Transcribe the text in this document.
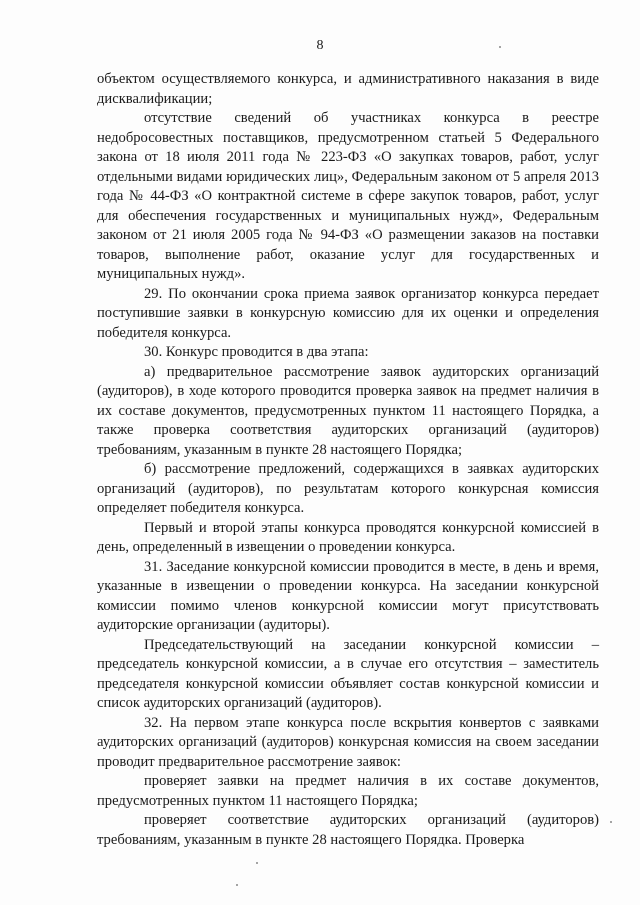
8

объектом осуществляемого конкурса, и административного наказания в виде дисквалификации;

отсутствие сведений об участниках конкурса в реестре недобросовестных поставщиков, предусмотренном статьей 5 Федерального закона от 18 июля 2011 года № 223-ФЗ «О закупках товаров, работ, услуг отдельными видами юридических лиц», Федеральным законом от 5 апреля 2013 года № 44-ФЗ «О контрактной системе в сфере закупок товаров, работ, услуг для обеспечения государственных и муниципальных нужд», Федеральным законом от 21 июля 2005 года № 94-ФЗ «О размещении заказов на поставки товаров, выполнение работ, оказание услуг для государственных и муниципальных нужд».

29. По окончании срока приема заявок организатор конкурса передает поступившие заявки в конкурсную комиссию для их оценки и определения победителя конкурса.

30. Конкурс проводится в два этапа:

а) предварительное рассмотрение заявок аудиторских организаций (аудиторов), в ходе которого проводится проверка заявок на предмет наличия в их составе документов, предусмотренных пунктом 11 настоящего Порядка, а также проверка соответствия аудиторских организаций (аудиторов) требованиям, указанным в пункте 28 настоящего Порядка;

б) рассмотрение предложений, содержащихся в заявках аудиторских организаций (аудиторов), по результатам которого конкурсная комиссия определяет победителя конкурса.

Первый и второй этапы конкурса проводятся конкурсной комиссией в день, определенный в извещении о проведении конкурса.

31. Заседание конкурсной комиссии проводится в месте, в день и время, указанные в извещении о проведении конкурса. На заседании конкурсной комиссии помимо членов конкурсной комиссии могут присутствовать аудиторские организации (аудиторы).

Председательствующий на заседании конкурсной комиссии – председатель конкурсной комиссии, а в случае его отсутствия – заместитель председателя конкурсной комиссии объявляет состав конкурсной комиссии и список аудиторских организаций (аудиторов).

32. На первом этапе конкурса после вскрытия конвертов с заявками аудиторских организаций (аудиторов) конкурсная комиссия на своем заседании проводит предварительное рассмотрение заявок:

проверяет заявки на предмет наличия в их составе документов, предусмотренных пунктом 11 настоящего Порядка;

проверяет соответствие аудиторских организаций (аудиторов) требованиям, указанным в пункте 28 настоящего Порядка. Проверка
